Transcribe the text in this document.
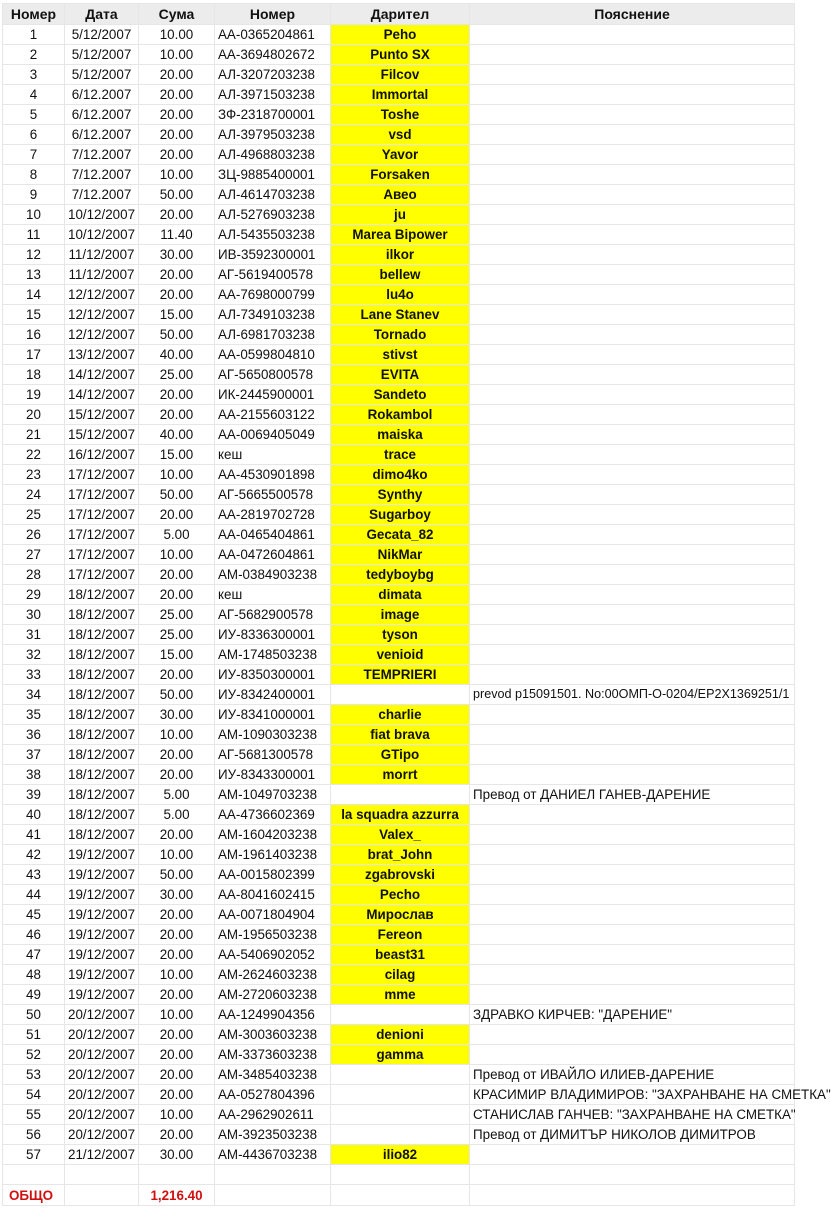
Номер	Дата	Сума	Номер	Дарител	Пояснение
1	5/12/2007	10.00	АА-0365204861	Peho	
2	5/12/2007	10.00	АА-3694802672	Punto SX	
3	5/12/2007	20.00	АЛ-3207203238	Filcov	
4	6/12.2007	20.00	АЛ-3971503238	Immortal	
5	6/12.2007	20.00	ЗФ-2318700001	Toshe	
6	6/12.2007	20.00	АЛ-3979503238	vsd	
7	7/12.2007	20.00	АЛ-4968803238	Yavor	
8	7/12.2007	10.00	ЗЦ-9885400001	Forsaken	
9	7/12.2007	50.00	АЛ-4614703238	Авео	
10	10/12/2007	20.00	АЛ-5276903238	ju	
11	10/12/2007	11.40	АЛ-5435503238	Marea Bipower	
12	11/12/2007	30.00	ИВ-3592300001	ilkor	
13	11/12/2007	20.00	АГ-5619400578	bellew	
14	12/12/2007	20.00	АА-7698000799	lu4o	
15	12/12/2007	15.00	АЛ-7349103238	Lane Stanev	
16	12/12/2007	50.00	АЛ-6981703238	Tornado	
17	13/12/2007	40.00	АА-0599804810	stivst	
18	14/12/2007	25.00	АГ-5650800578	EVITA	
19	14/12/2007	20.00	ИК-2445900001	Sandeto	
20	15/12/2007	20.00	АА-2155603122	Rokambol	
21	15/12/2007	40.00	АА-0069405049	maiska	
22	16/12/2007	15.00	кеш	trace	
23	17/12/2007	10.00	АА-4530901898	dimo4ko	
24	17/12/2007	50.00	АГ-5665500578	Synthy	
25	17/12/2007	20.00	АА-2819702728	Sugarboy	
26	17/12/2007	5.00	АА-0465404861	Gecata_82	
27	17/12/2007	10.00	АА-0472604861	NikMar	
28	17/12/2007	20.00	АМ-0384903238	tedyboybg	
29	18/12/2007	20.00	кеш	dimata	
30	18/12/2007	25.00	АГ-5682900578	image	
31	18/12/2007	25.00	ИУ-8336300001	tyson	
32	18/12/2007	15.00	АМ-1748503238	venioid	
33	18/12/2007	20.00	ИУ-8350300001	TEMPRIERI	
34	18/12/2007	50.00	ИУ-8342400001		prevod p15091501. No:00ОМП-О-0204/ЕР2Х1369251/1
35	18/12/2007	30.00	ИУ-8341000001	charlie	
36	18/12/2007	10.00	АМ-1090303238	fiat brava	
37	18/12/2007	20.00	АГ-5681300578	GTipo	
38	18/12/2007	20.00	ИУ-8343300001	morrt	
39	18/12/2007	5.00	АМ-1049703238		Превод от ДАНИЕЛ ГАНЕВ-ДАРЕНИЕ
40	18/12/2007	5.00	АА-4736602369	la squadra azzurra	
41	18/12/2007	20.00	АМ-1604203238	Valex_	
42	19/12/2007	10.00	АМ-1961403238	brat_John	
43	19/12/2007	50.00	АА-0015802399	zgabrovski	
44	19/12/2007	30.00	АА-8041602415	Pecho	
45	19/12/2007	20.00	АА-0071804904	Мирослав	
46	19/12/2007	20.00	АМ-1956503238	Fereon	
47	19/12/2007	20.00	АА-5406902052	beast31	
48	19/12/2007	10.00	АМ-2624603238	cilag	
49	19/12/2007	20.00	АМ-2720603238	mme	
50	20/12/2007	10.00	АА-1249904356		ЗДРАВКО КИРЧЕВ: "ДАРЕНИЕ"
51	20/12/2007	20.00	АМ-3003603238	denioni	
52	20/12/2007	20.00	АМ-3373603238	gamma	
53	20/12/2007	20.00	АМ-3485403238		Превод от ИВАЙЛО ИЛИЕВ-ДАРЕНИЕ
54	20/12/2007	20.00	АА-0527804396		КРАСИМИР ВЛАДИМИРОВ: "ЗАХРАНВАНЕ НА СМЕТКА"
55	20/12/2007	10.00	АА-2962902611		СТАНИСЛАВ ГАНЧЕВ: "ЗАХРАНВАНЕ НА СМЕТКА"
56	20/12/2007	20.00	АМ-3923503238		Превод от ДИМИТЪР НИКОЛОВ ДИМИТРОВ
57	21/12/2007	30.00	АМ-4436703238	ilio82	

ОБЩО		1,216.40			
